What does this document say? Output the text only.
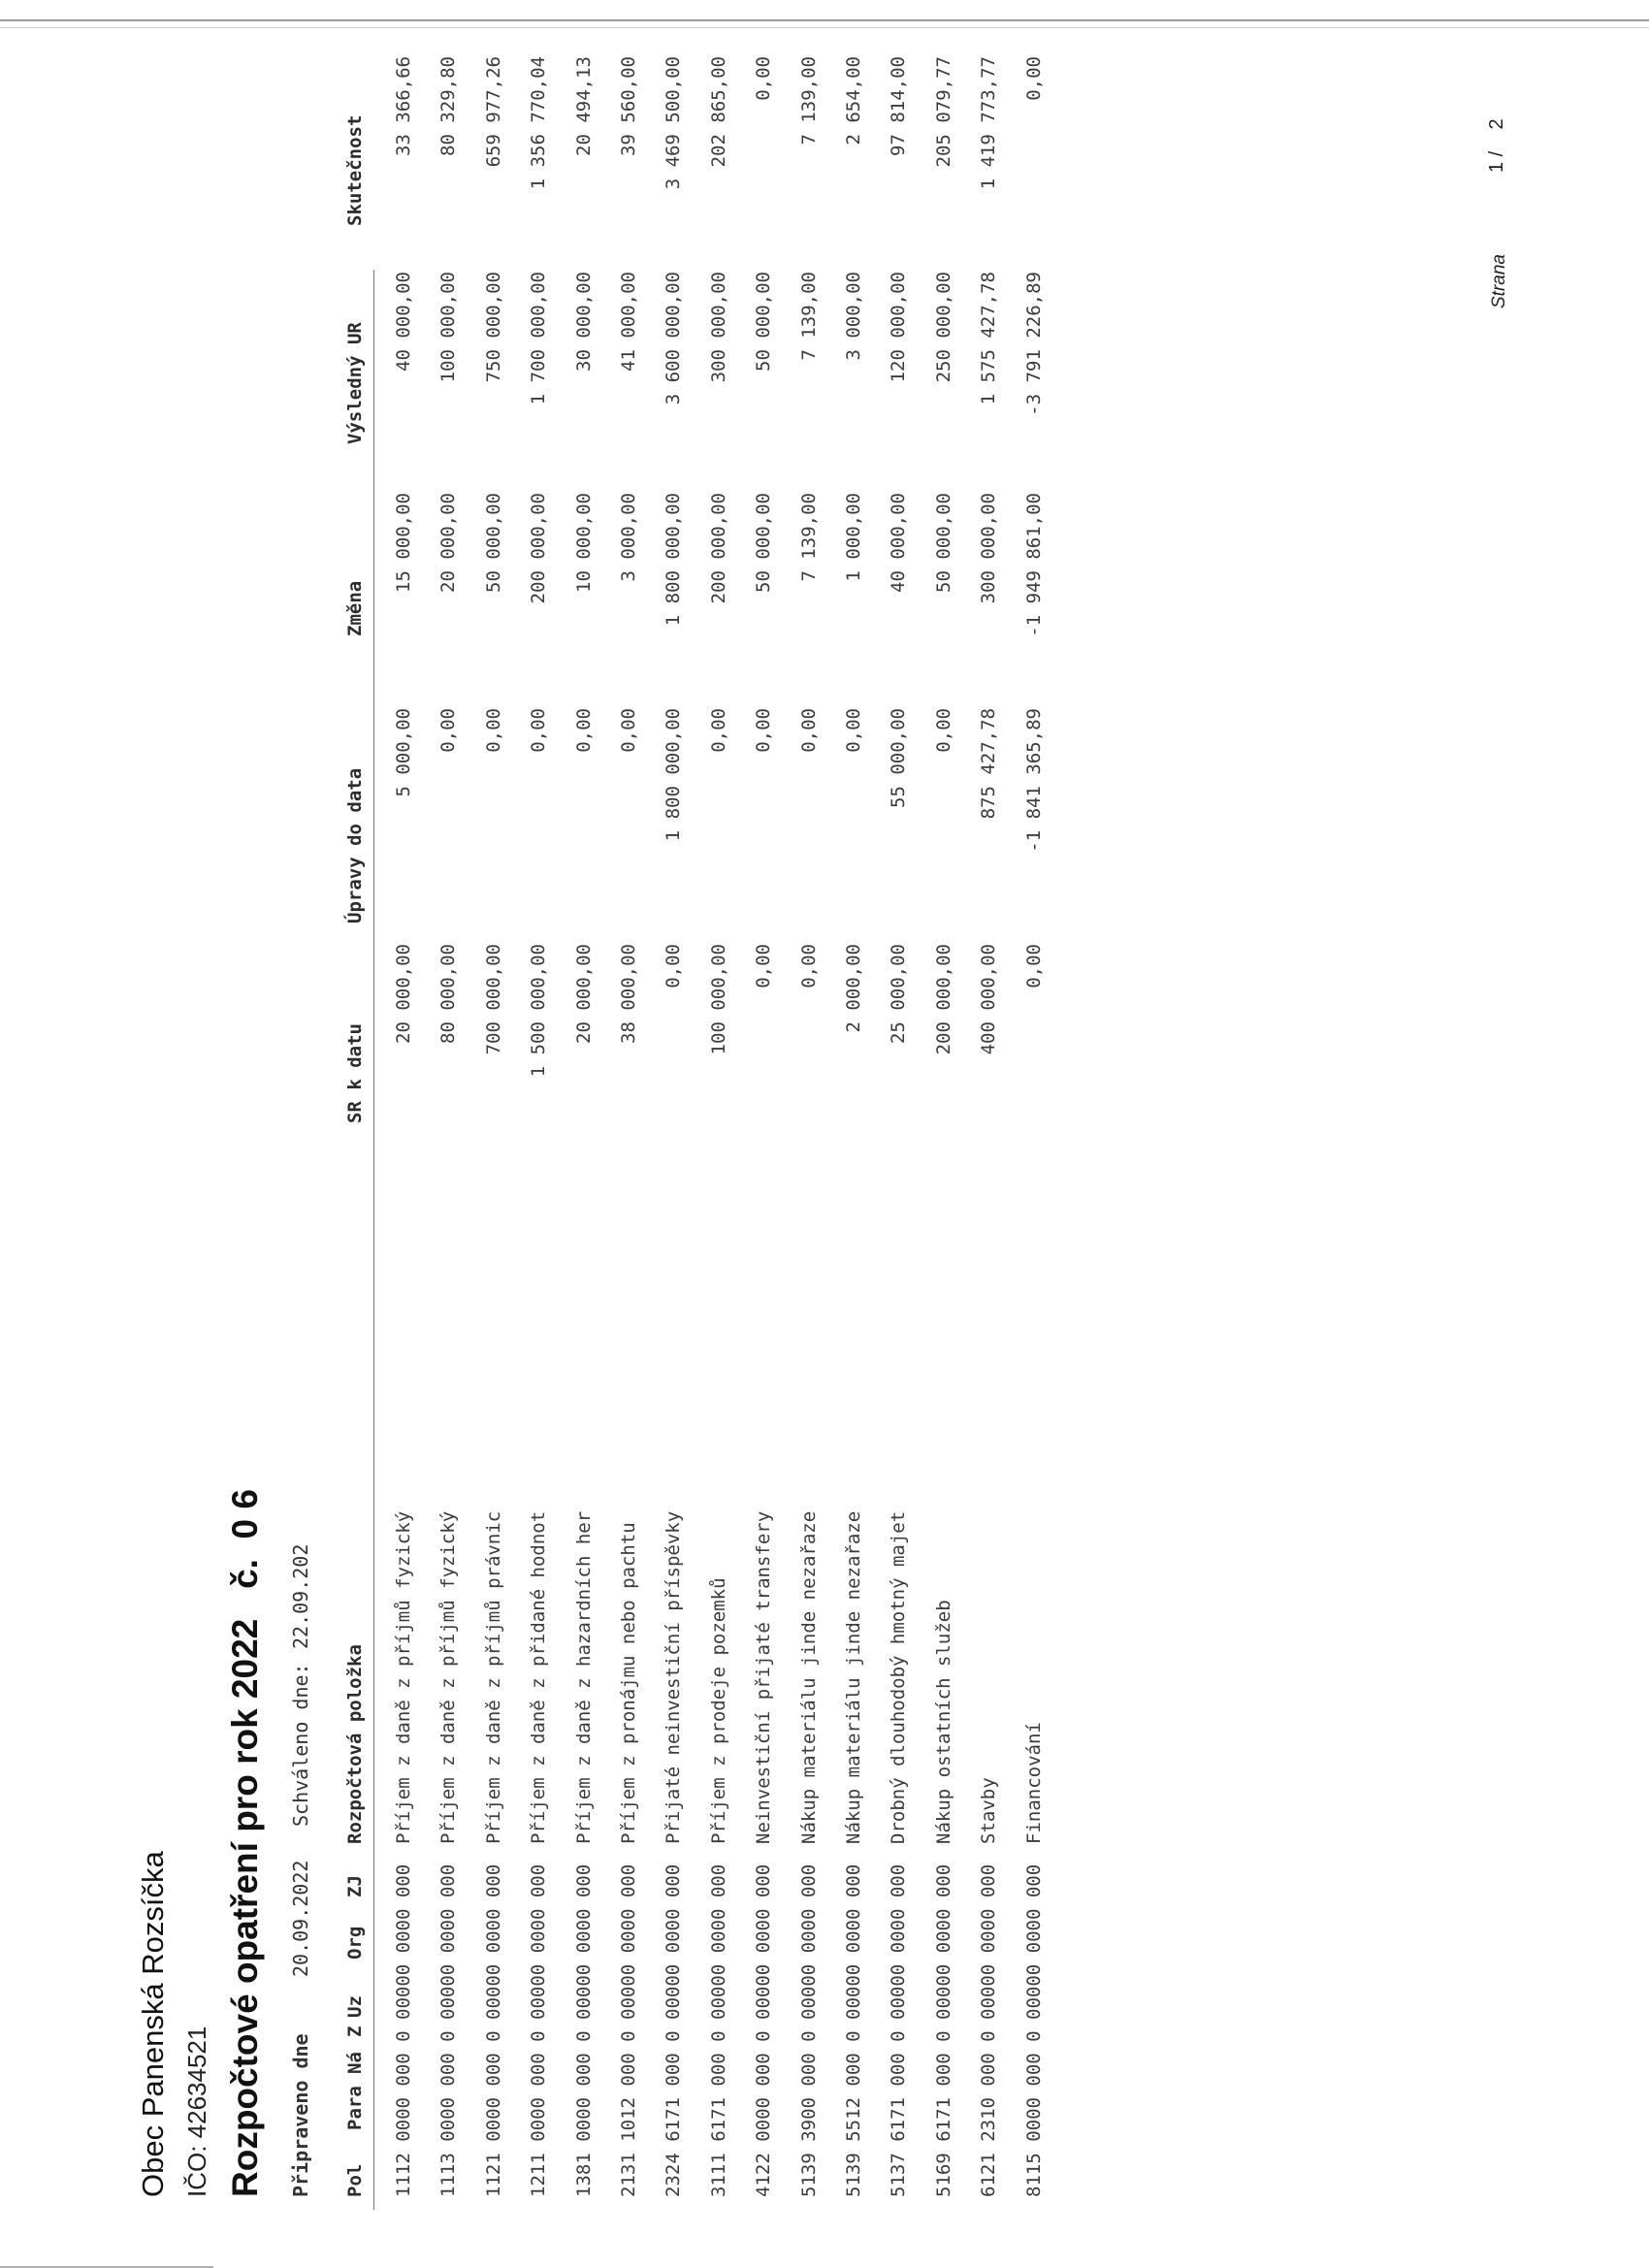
Obec Panenská Rozsíčka IČO: 42634521 Rozpočtové opatření pro rok 2022   č.  0 6 Připraveno dne
20.09.2022
Schváleno dne:
22.09.202
Pol
Para
Ná
Z
Uz
Org
ZJ
Rozpočtová položka
SR k datu
Úpravy do data
Změna
1112 0000 000 0 00000 0000 000
Příjem z daně z příjmů fyzický
20 000,00
5 000,00
15 000,00
40 000,00
33 366,66
1113 0000 000 0 00000 0000 000
Příjem z daně z příjmů fyzický
80 000,00
0,00
20 000,00
100 000,00
80 329,80
1121 0000 000 0 00000 0000 000
Příjem z daně z příjmů právnic
700 000,00
0,00
50 000,00
750 000,00
659 977,26
1211 0000 000 0 00000 0000 000
Příjem z daně z přidané hodnot
1 500 000,00
0,00
200 000,00
1 700 000,00
1 356 770,04
1381 0000 000 0 00000 0000 000
Příjem z daně z hazardních her
20 000,00
0,00
10 000,00
30 000,00
20 494,13
2131 1012 000 0 00000 0000 000
Příjem z pronájmu nebo pachtu
38 000,00
0,00
3 000,00
41 000,00
39 560,00
2324 6171 000 0 00000 0000 000
Přijaté neinvestiční příspěvky
0,00
1 800 000,00
1 800 000,00
3 600 000,00
3 469 500,00
3111 6171 000 0 00000 0000 000
Příjem z prodeje pozemků
100 000,00
0,00
200 000,00
300 000,00
202 865,00
4122 0000 000 0 00000 0000 000
Neinvestiční přijaté transfery
0,00
0,00
50 000,00
50 000,00
0,00
5139 3900 000 0 00000 0000 000
Nákup materiálu jinde nezařaze
0,00
0,00
7 139,00
7 139,00
7 139,00
5139 5512 000 0 00000 0000 000
Nákup materiálu jinde nezařaze
2 000,00
0,00
1 000,00
3 000,00
2 654,00
5137 6171 000 0 00000 0000 000
Drobný dlouhodobý hmotný majet
25 000,00
55 000,00
40 000,00
120 000,00
97 814,00
5169 6171 000 0 00000 0000 000
Nákup ostatních služeb
200 000,00
0,00
50 000,00
250 000,00
205 079,77
6121 2310 000 0 00000 0000 000
Stavby
400 000,00
875 427,78
300 000,00
1 575 427,78
1 419 773,77
8115 0000 000 0 00000 0000 000
Financování
0,00
-1 841 365,89
-1 949 861,00
-3 791 226,89
0,00
Strana
1 /    2
Výsledný UR
Skutečnost
